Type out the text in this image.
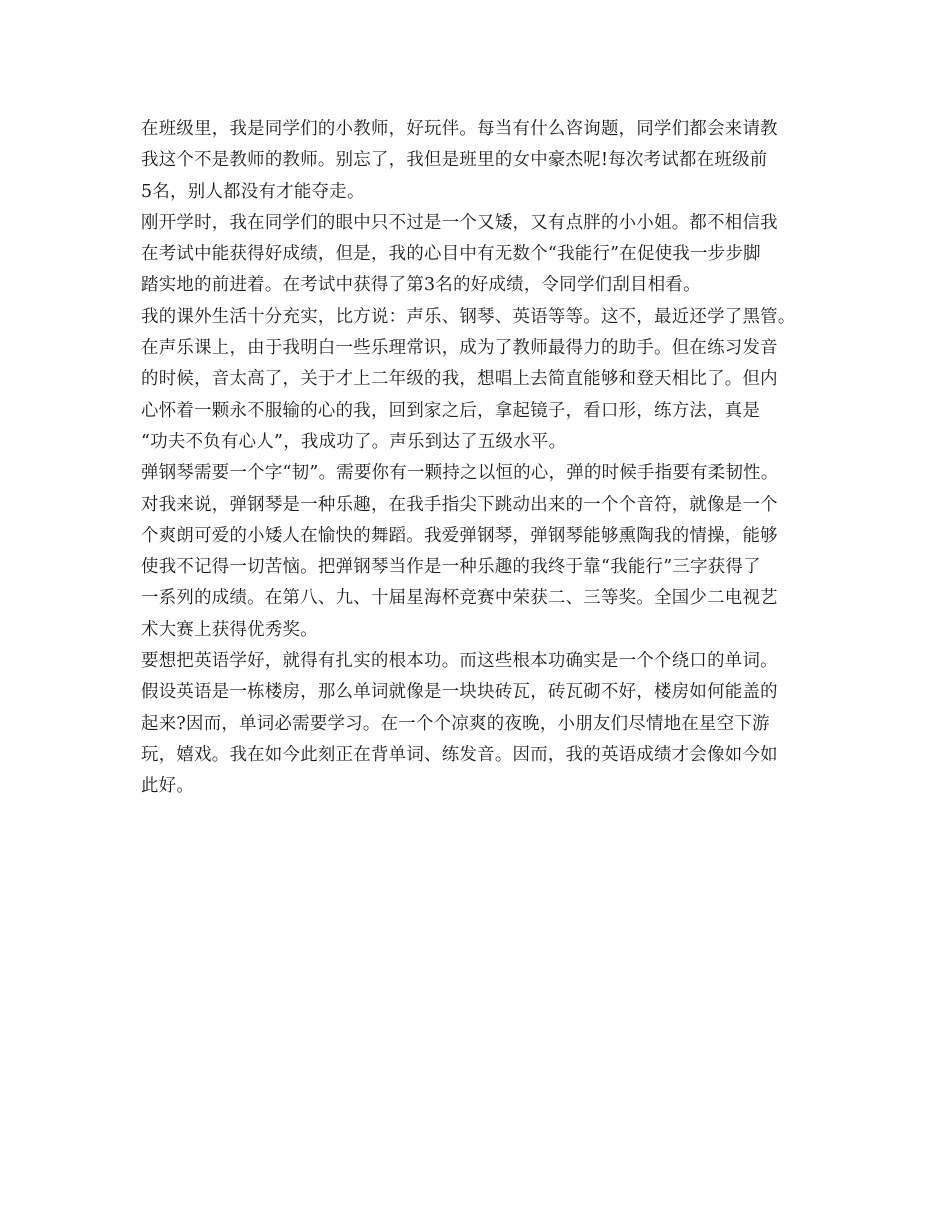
在班级里，我是同学们的小教师，好玩伴。每当有什么咨询题，同学们都会来请教
我这个不是教师的教师。别忘了，我但是班里的女中豪杰呢!每次考试都在班级前
5名，别人都没有才能夺走。
刚开学时，我在同学们的眼中只不过是一个又矮，又有点胖的小小姐。都不相信我
在考试中能获得好成绩，但是，我的心目中有无数个“我能行”在促使我一步步脚
踏实地的前进着。在考试中获得了第3名的好成绩，令同学们刮目相看。
我的课外生活十分充实，比方说：声乐、钢琴、英语等等。这不，最近还学了黑管。
在声乐课上，由于我明白一些乐理常识，成为了教师最得力的助手。但在练习发音
的时候，音太高了，关于才上二年级的我，想唱上去简直能够和登天相比了。但内
心怀着一颗永不服输的心的我，回到家之后，拿起镜子，看口形，练方法，真是
“功夫不负有心人”，我成功了。声乐到达了五级水平。
弹钢琴需要一个字“韧”。需要你有一颗持之以恒的心，弹的时候手指要有柔韧性。
对我来说，弹钢琴是一种乐趣，在我手指尖下跳动出来的一个个音符，就像是一个
个爽朗可爱的小矮人在愉快的舞蹈。我爱弹钢琴，弹钢琴能够熏陶我的情操，能够
使我不记得一切苦恼。把弹钢琴当作是一种乐趣的我终于靠“我能行”三字获得了
一系列的成绩。在第八、九、十届星海杯竞赛中荣获二、三等奖。全国少二电视艺
术大赛上获得优秀奖。
要想把英语学好，就得有扎实的根本功。而这些根本功确实是一个个绕口的单词。
假设英语是一栋楼房，那么单词就像是一块块砖瓦，砖瓦砌不好，楼房如何能盖的
起来?因而，单词必需要学习。在一个个凉爽的夜晚，小朋友们尽情地在星空下游
玩，嬉戏。我在如今此刻正在背单词、练发音。因而，我的英语成绩才会像如今如
此好。
